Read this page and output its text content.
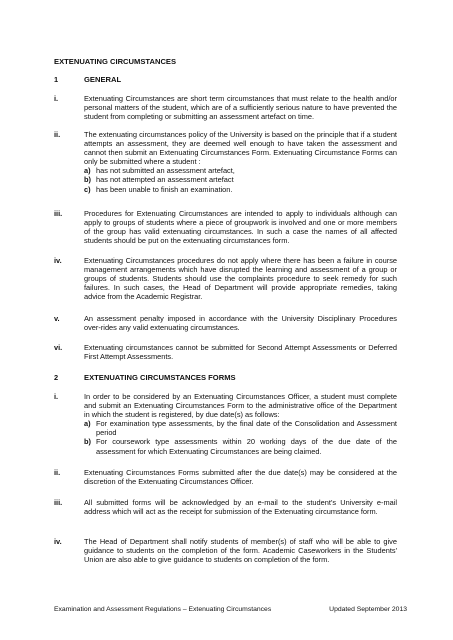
EXTENUATING CIRCUMSTANCES
1	GENERAL
i.	Extenuating Circumstances are short term circumstances that must relate to the health and/or personal matters of the student, which are of a sufficiently serious nature to have prevented the student from completing or submitting an assessment artefact on time.

ii.	The extenuating circumstances policy of the University is based on the principle that if a student attempts an assessment, they are deemed well enough to have taken the assessment and cannot then submit an Extenuating Circumstances Form. Extenuating Circumstance Forms can only be submitted where a student :

a) has not submitted an assessment artefact,
b) has not attempted an assessment artefact
c) has been unable to finish an examination.
iii.	Procedures for Extenuating Circumstances are intended to apply to individuals although can apply to groups of students where a piece of groupwork is involved and one or more members of the group has valid extenuating circumstances. In such a case the names of all affected students should be put on the extenuating circumstances form.

iv.	Extenuating Circumstances procedures do not apply where there has been a failure in course management arrangements which have disrupted the learning and assessment of a group or groups of students. Students should use the complaints procedure to seek remedy for such failures. In such cases, the Head of Department will provide appropriate remedies, taking advice from the Academic Registrar.

v.	An assessment penalty imposed in accordance with the University Disciplinary Procedures over-rides any valid extenuating circumstances.

vi.	Extenuating circumstances cannot be submitted for Second Attempt Assessments or Deferred First Attempt Assessments.

2	EXTENUATING CIRCUMSTANCES FORMS
i.	In order to be considered by an Extenuating Circumstances Officer, a student must complete and submit an Extenuating Circumstances Form to the administrative office of the Department in which the student is registered, by due date(s) as follows:

a) For examination type assessments, by the final date of the Consolidation and Assessment period
b) For coursework type assessments within 20 working days of the due date of the assessment for which Extenuating Circumstances are being claimed.
ii.	Extenuating Circumstances Forms submitted after the due date(s) may be considered at the discretion of the Extenuating Circumstances Officer.

iii.	All submitted forms will be acknowledged by an e-mail to the student’s University e-mail address which will act as the receipt for submission of the Extenuating circumstance form.

iv.	The Head of Department shall notify students of member(s) of staff who will be able to give guidance to students on the completion of the form. Academic Caseworkers in the Students' Union are also able to give guidance to students on completion of the form.

Examination and Assessment Regulations – Extenuating Circumstances	Updated September 2013
